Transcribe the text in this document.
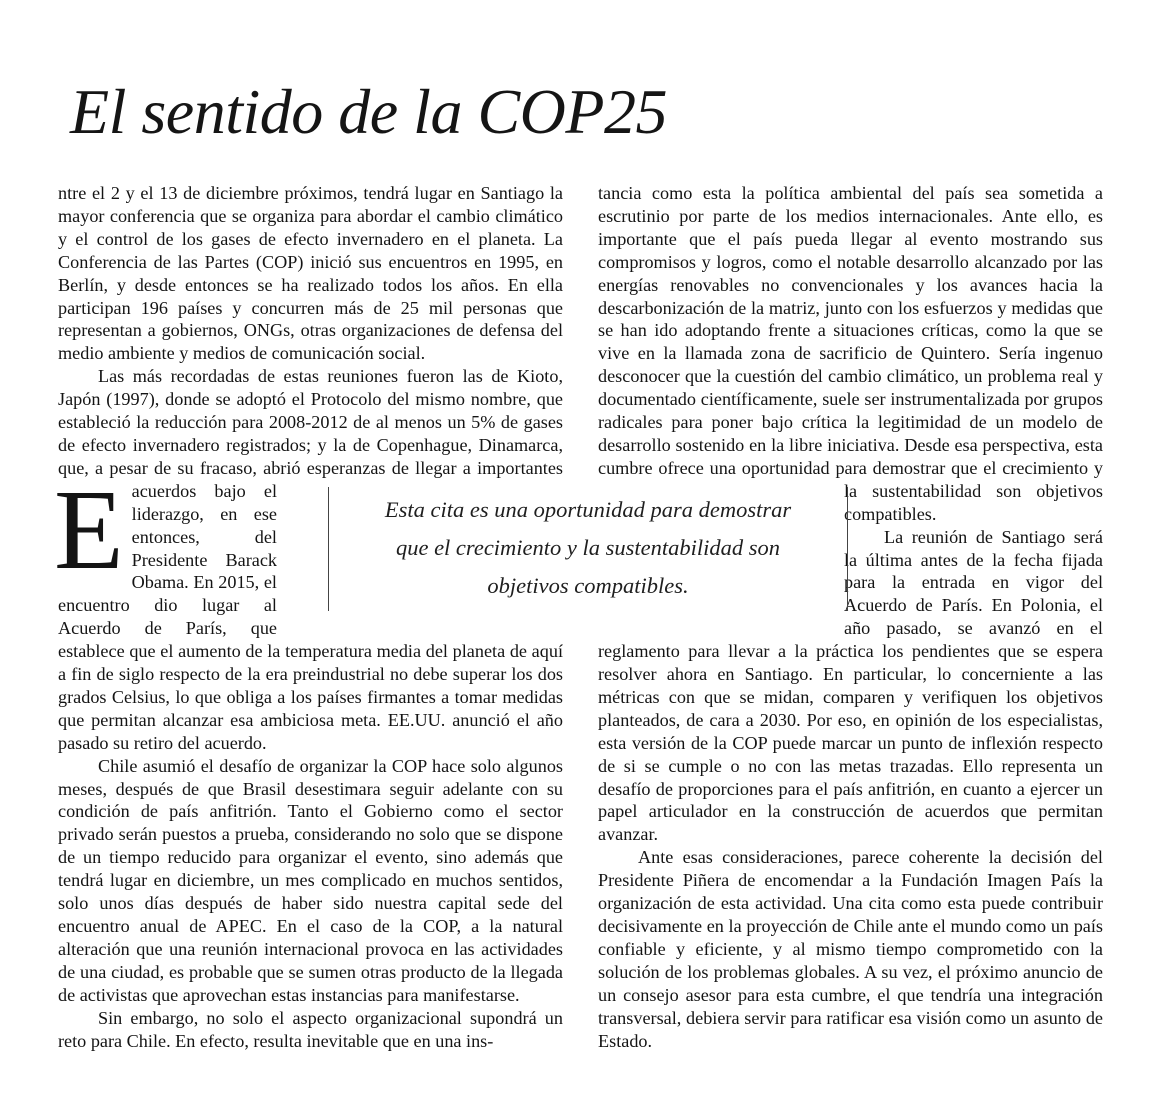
El sentido de la COP25

E
ntre el 2 y el 13 de diciembre próximos, tendrá lugar en Santiago la mayor conferencia que se organiza para abordar el cambio climático y el control de los gases de efecto invernadero en el planeta. La Conferencia de las Partes (COP) inició sus encuentros en 1995, en Berlín, y desde entonces se ha realizado todos los años. En ella participan 196 países y concurren más de 25 mil personas que representan a gobiernos, ONGs, otras organizaciones de defensa del medio ambiente y medios de comunicación social.

Las más recordadas de estas reuniones fueron las de Kioto, Japón (1997), donde se adoptó el Protocolo del mismo nombre, que estableció la reducción para 2008-2012 de al menos un 5% de gases de efecto invernadero registrados; y la de Copenhague, Dinamarca, que, a pesar de su fracaso, abrió esperanzas de llegar a importantes acuerdos bajo el liderazgo, en ese entonces, del Presidente Barack Obama. En 2015, el encuentro dio lugar al Acuerdo de París, que establece que el aumento de la temperatura media del planeta de aquí a fin de siglo respecto de la era preindustrial no debe superar los dos grados Celsius, lo que obliga a los países firmantes a tomar medidas que permitan alcanzar esa ambiciosa meta. EE.UU. anunció el año pasado su retiro del acuerdo.

Chile asumió el desafío de organizar la COP hace solo algunos meses, después de que Brasil desestimara seguir adelante con su condición de país anfitrión. Tanto el Gobierno como el sector privado serán puestos a prueba, considerando no solo que se dispone de un tiempo reducido para organizar el evento, sino además que tendrá lugar en diciembre, un mes complicado en muchos sentidos, solo unos días después de haber sido nuestra capital sede del encuentro anual de APEC. En el caso de la COP, a la natural alteración que una reunión internacional provoca en las actividades de una ciudad, es probable que se sumen otras producto de la llegada de activistas que aprovechan estas instancias para manifestarse.

Sin embargo, no solo el aspecto organizacional supondrá un reto para Chile. En efecto, resulta inevitable que en una ins-

tancia como esta la política ambiental del país sea sometida a escrutinio por parte de los medios internacionales. Ante ello, es importante que el país pueda llegar al evento mostrando sus compromisos y logros, como el notable desarrollo alcanzado por las energías renovables no convencionales y los avances hacia la descarbonización de la matriz, junto con los esfuerzos y medidas que se han ido adoptando frente a situaciones críticas, como la que se vive en la llamada zona de sacrificio de Quintero. Sería ingenuo desconocer que la cuestión del cambio climático, un problema real y documentado científicamente, suele ser instrumentalizada por grupos radicales para poner bajo crítica la legitimidad de un modelo de desarrollo sostenido en la libre iniciativa. Desde esa perspectiva, esta cumbre ofrece una oportunidad para demostrar que el crecimiento y la sustentabilidad son objetivos compatibles.

La reunión de Santiago será la última antes de la fecha fijada para la entrada en vigor del Acuerdo de París. En Polonia, el año pasado, se avanzó en el reglamento para llevar a la práctica los pendientes que se espera resolver ahora en Santiago. En particular, lo concerniente a las métricas con que se midan, comparen y verifiquen los objetivos planteados, de cara a 2030. Por eso, en opinión de los especialistas, esta versión de la COP puede marcar un punto de inflexión respecto de si se cumple o no con las metas trazadas. Ello representa un desafío de proporciones para el país anfitrión, en cuanto a ejercer un papel articulador en la construcción de acuerdos que permitan avanzar.

Ante esas consideraciones, parece coherente la decisión del Presidente Piñera de encomendar a la Fundación Imagen País la organización de esta actividad. Una cita como esta puede contribuir decisivamente en la proyección de Chile ante el mundo como un país confiable y eficiente, y al mismo tiempo comprometido con la solución de los problemas globales. A su vez, el próximo anuncio de un consejo asesor para esta cumbre, el que tendría una integración transversal, debiera servir para ratificar esa visión como un asunto de Estado.

Esta cita es una oportunidad para demostrar
que el crecimiento y la sustentabilidad son
objetivos compatibles.
